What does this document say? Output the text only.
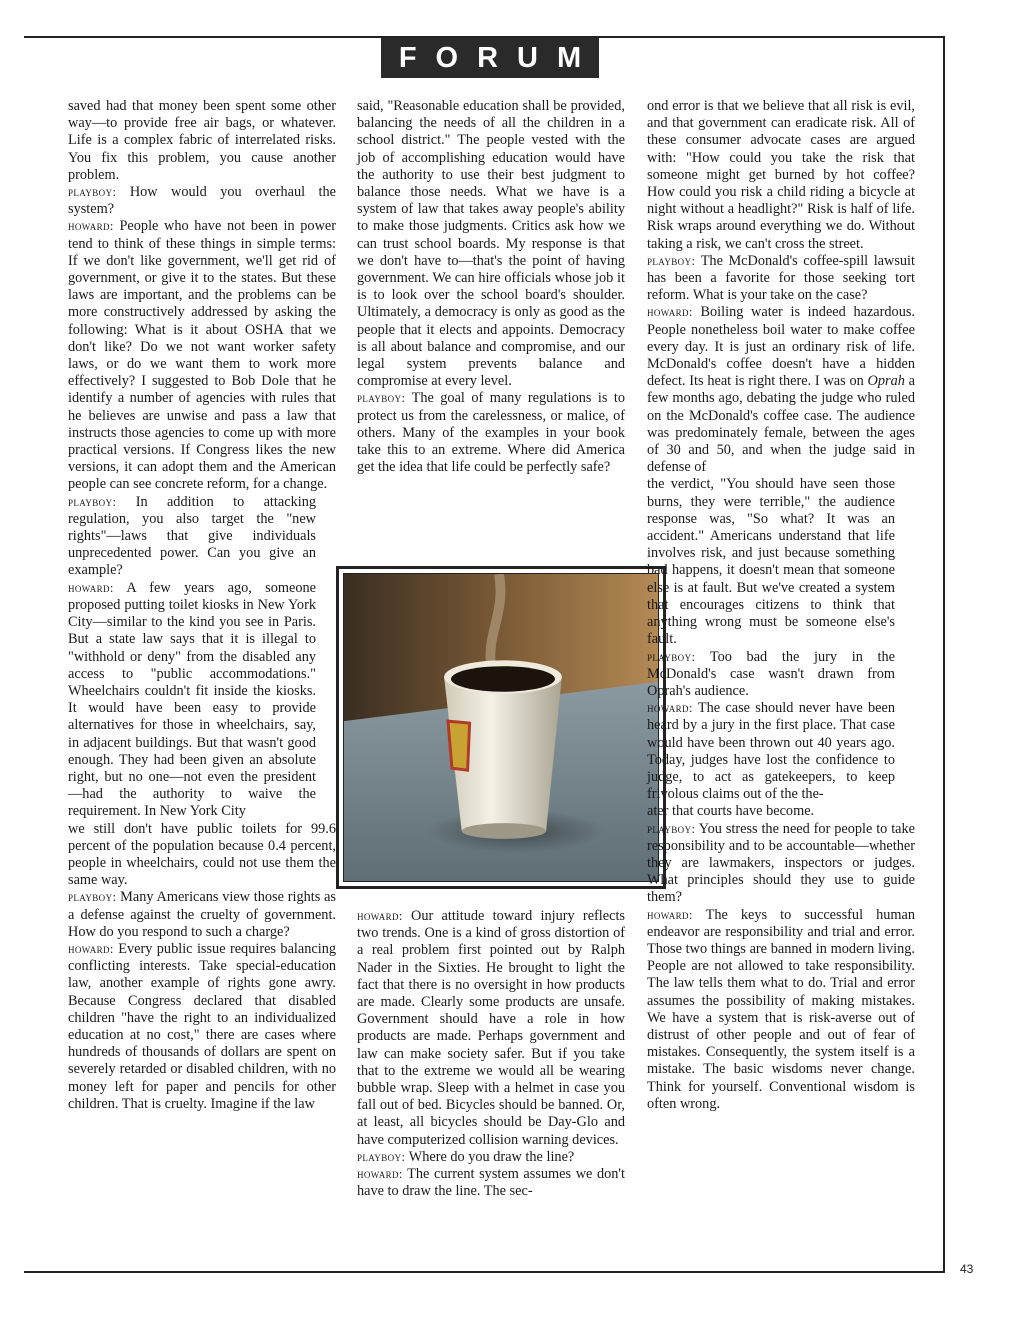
FORUM

saved had that money been spent some other way—to provide free air bags, or whatever. Life is a complex fabric of interrelated risks. You fix this problem, you cause another problem.

playboy: How would you overhaul the system?

howard: People who have not been in power tend to think of these things in simple terms: If we don't like government, we'll get rid of government, or give it to the states. But these laws are important, and the problems can be more constructively addressed by asking the following: What is it about OSHA that we don't like? Do we not want worker safety laws, or do we want them to work more effectively? I suggested to Bob Dole that he identify a number of agencies with rules that he believes are unwise and pass a law that instructs those agencies to come up with more practical versions. If Congress likes the new versions, it can adopt them and the American people can see concrete reform, for a change.

playboy: In addition to attacking regulation, you also target the "new rights"—laws that give individuals unprecedented power. Can you give an example?

howard: A few years ago, someone proposed putting toilet kiosks in New York City—similar to the kind you see in Paris. But a state law says that it is illegal to "withhold or deny" from the disabled any access to "public accommodations." Wheelchairs couldn't fit inside the kiosks. It would have been easy to provide alternatives for those in wheelchairs, say, in adjacent buildings. But that wasn't good enough. They had been given an absolute right, but no one—not even the president—had the authority to waive the requirement. In New York City

we still don't have public toilets for 99.6 percent of the population because 0.4 percent, people in wheelchairs, could not use them the same way.

playboy: Many Americans view those rights as a defense against the cruelty of government. How do you respond to such a charge?

howard: Every public issue requires balancing conflicting interests. Take special-education law, another example of rights gone awry. Because Congress declared that disabled children "have the right to an individualized education at no cost," there are cases where hundreds of thousands of dollars are spent on severely retarded or disabled children, with no money left for paper and pencils for other children. That is cruelty. Imagine if the law

said, "Reasonable education shall be provided, balancing the needs of all the children in a school district." The people vested with the job of accomplishing education would have the authority to use their best judgment to balance those needs. What we have is a system of law that takes away people's ability to make those judgments. Critics ask how we can trust school boards. My response is that we don't have to—that's the point of having government. We can hire officials whose job it is to look over the school board's shoulder. Ultimately, a democracy is only as good as the people that it elects and appoints. Democracy is all about balance and compromise, and our legal system prevents balance and compromise at every level.

playboy: The goal of many regulations is to protect us from the carelessness, or malice, of others. Many of the examples in your book take this to an extreme. Where did America get the idea that life could be perfectly safe?

howard: Our attitude toward injury reflects two trends. One is a kind of gross distortion of a real problem first pointed out by Ralph Nader in the Sixties. He brought to light the fact that there is no oversight in how products are made. Clearly some products are unsafe. Government should have a role in how products are made. Perhaps government and law can make society safer. But if you take that to the extreme we would all be wearing bubble wrap. Sleep with a helmet in case you fall out of bed. Bicycles should be banned. Or, at least, all bicycles should be Day-Glo and have computerized collision warning devices.

playboy: Where do you draw the line?

howard: The current system assumes we don't have to draw the line. The sec-

ond error is that we believe that all risk is evil, and that government can eradicate risk. All of these consumer advocate cases are argued with: "How could you take the risk that someone might get burned by hot coffee? How could you risk a child riding a bicycle at night without a headlight?" Risk is half of life. Risk wraps around everything we do. Without taking a risk, we can't cross the street.

playboy: The McDonald's coffee-spill lawsuit has been a favorite for those seeking tort reform. What is your take on the case?

howard: Boiling water is indeed hazardous. People nonetheless boil water to make coffee every day. It is just an ordinary risk of life. McDonald's coffee doesn't have a hidden defect. Its heat is right there. I was on Oprah a few months ago, debating the judge who ruled on the McDonald's coffee case. The audience was predominately female, between the ages of 30 and 50, and when the judge said in defense of

the verdict, "You should have seen those burns, they were terrible," the audience response was, "So what? It was an accident." Americans understand that life involves risk, and just because something bad happens, it doesn't mean that someone else is at fault. But we've created a system that encourages citizens to think that anything wrong must be someone else's fault.

playboy: Too bad the jury in the McDonald's case wasn't drawn from Oprah's audience.

howard: The case should never have been heard by a jury in the first place. That case would have been thrown out 40 years ago. Today, judges have lost the confidence to judge, to act as gatekeepers, to keep frivolous claims out of the the-

ater that courts have become.

playboy: You stress the need for people to take responsibility and to be accountable—whether they are lawmakers, inspectors or judges. What principles should they use to guide them?

howard: The keys to successful human endeavor are responsibility and trial and error. Those two things are banned in modern living. People are not allowed to take responsibility. The law tells them what to do. Trial and error assumes the possibility of making mistakes. We have a system that is risk-averse out of distrust of other people and out of fear of mistakes. Consequently, the system itself is a mistake. The basic wisdoms never change. Think for yourself. Conventional wisdom is often wrong.

43
